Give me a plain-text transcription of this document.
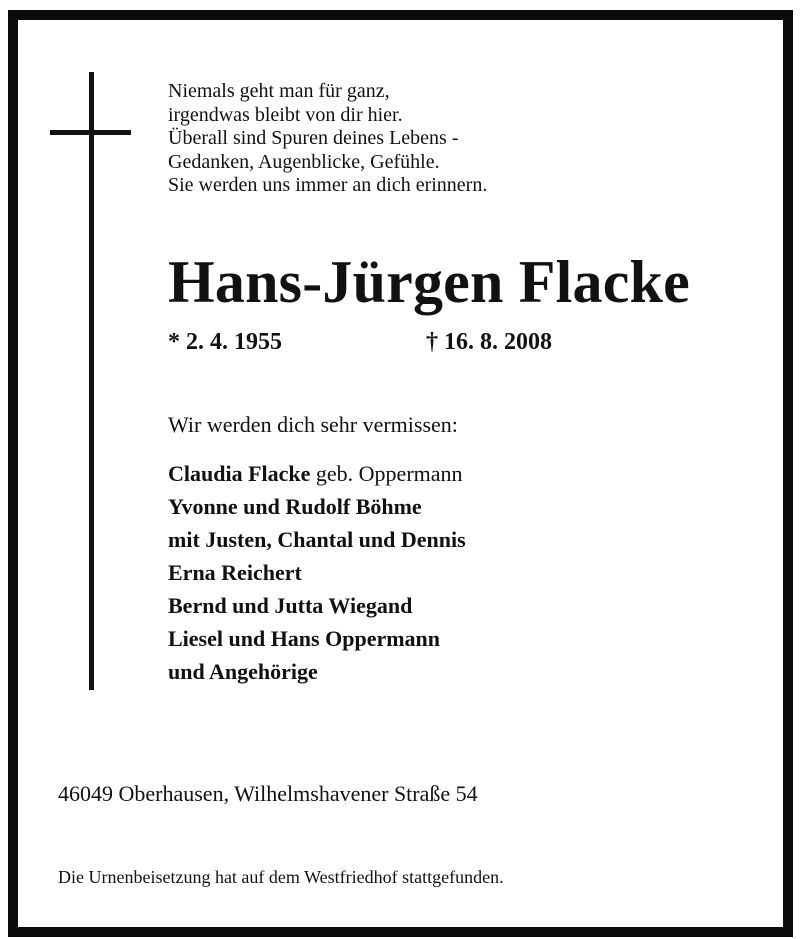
Niemals geht man für ganz,
irgendwas bleibt von dir hier.
Überall sind Spuren deines Lebens -
Gedanken, Augenblicke, Gefühle.
Sie werden uns immer an dich erinnern.
Hans-Jürgen Flacke
* 2. 4. 1955	† 16. 8. 2008
Wir werden dich sehr vermissen:
Claudia Flacke geb. Oppermann
Yvonne und Rudolf Böhme
mit Justen, Chantal und Dennis
Erna Reichert
Bernd und Jutta Wiegand
Liesel und Hans Oppermann
und Angehörige
46049 Oberhausen, Wilhelmshavener Straße 54
Die Urnenbeisetzung hat auf dem Westfriedhof stattgefunden.
